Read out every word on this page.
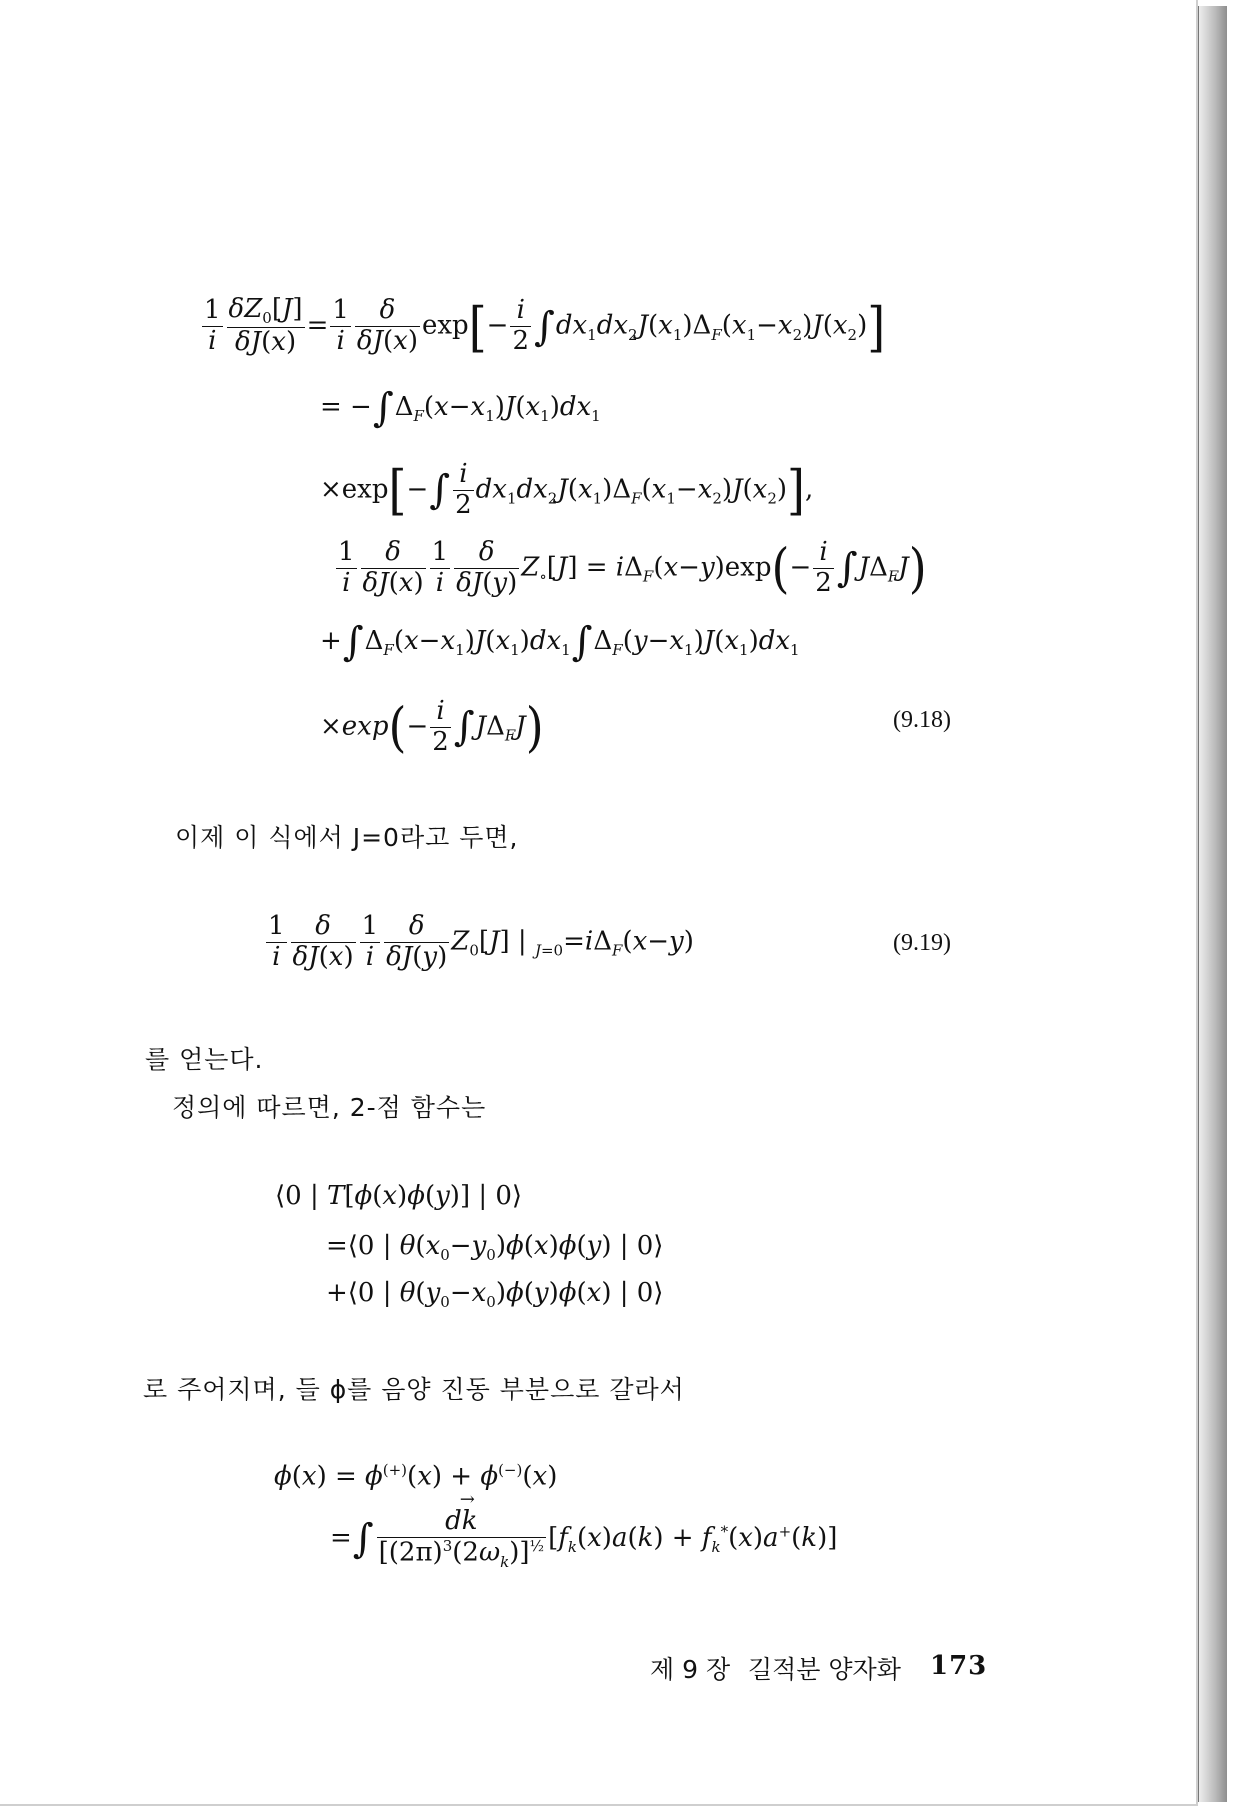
$\frac{1}{i} \frac{\delta Z_0[J]}{\delta J(x)} = \frac{1}{i} \frac{\delta}{\delta J(x)} \exp[- \frac{i}{2} \int dx_1dx_2J(x_1)\Delta_F(x_1-x_2)J(x_2)]$
= $-\int\Delta_F(x-x_1)J(x_1)dx_1$
$\times\exp[-\int \frac{i}{2} dx_1dx_2J(x_1)\Delta_F(x_1-x_2)J(x_2)]$,
$\frac{1}{i} \frac{\delta}{\delta J(x)} \frac{1}{i} \frac{\delta}{\delta J(y)} Z_\circ[J] = i\Delta_F(x-y)\exp(- \frac{i}{2} \int J\Delta_FJ)$
$+\int\Delta_F(x-x_1)J(x_1)dx_1\int\Delta_F(y-x_1)J(x_1)dx_1$
$\times\exp(- \frac{i}{2} \int J\Delta_FJ)$	(9.18)
이제 이 식에서 J=0라고 두면,
$\frac{1}{i} \frac{\delta}{\delta J(x)} \frac{1}{i} \frac{\delta}{\delta J(y)} Z_0[J]$ | $_{J=0}=i\Delta_F(x-y)$	(9.19)
를 얻는다.
정의에 따르면, 2-점 함수는
⟨0 | T[ϕ(x)ϕ(y)] | 0⟩
=⟨0 | $\theta(x_0-y_0)\phi(x)\phi(y)$ | 0⟩
+⟨0 | $\theta(y_0-x_0)\phi(y)\phi(x)$ | 0⟩
로 주어지며, 들 ϕ를 음양 진동 부분으로 갈라서
ϕ(x) = ϕ(+)(x) + ϕ(−)(x)
=∫ dk
→
$[(2\pi)^3(2\omega_k)]^{\frac{1}{2}}$ $[f_k(x)a(k) + f_k^*(x)a^+(k)]$
제 9 장 길적분 양자화 173
